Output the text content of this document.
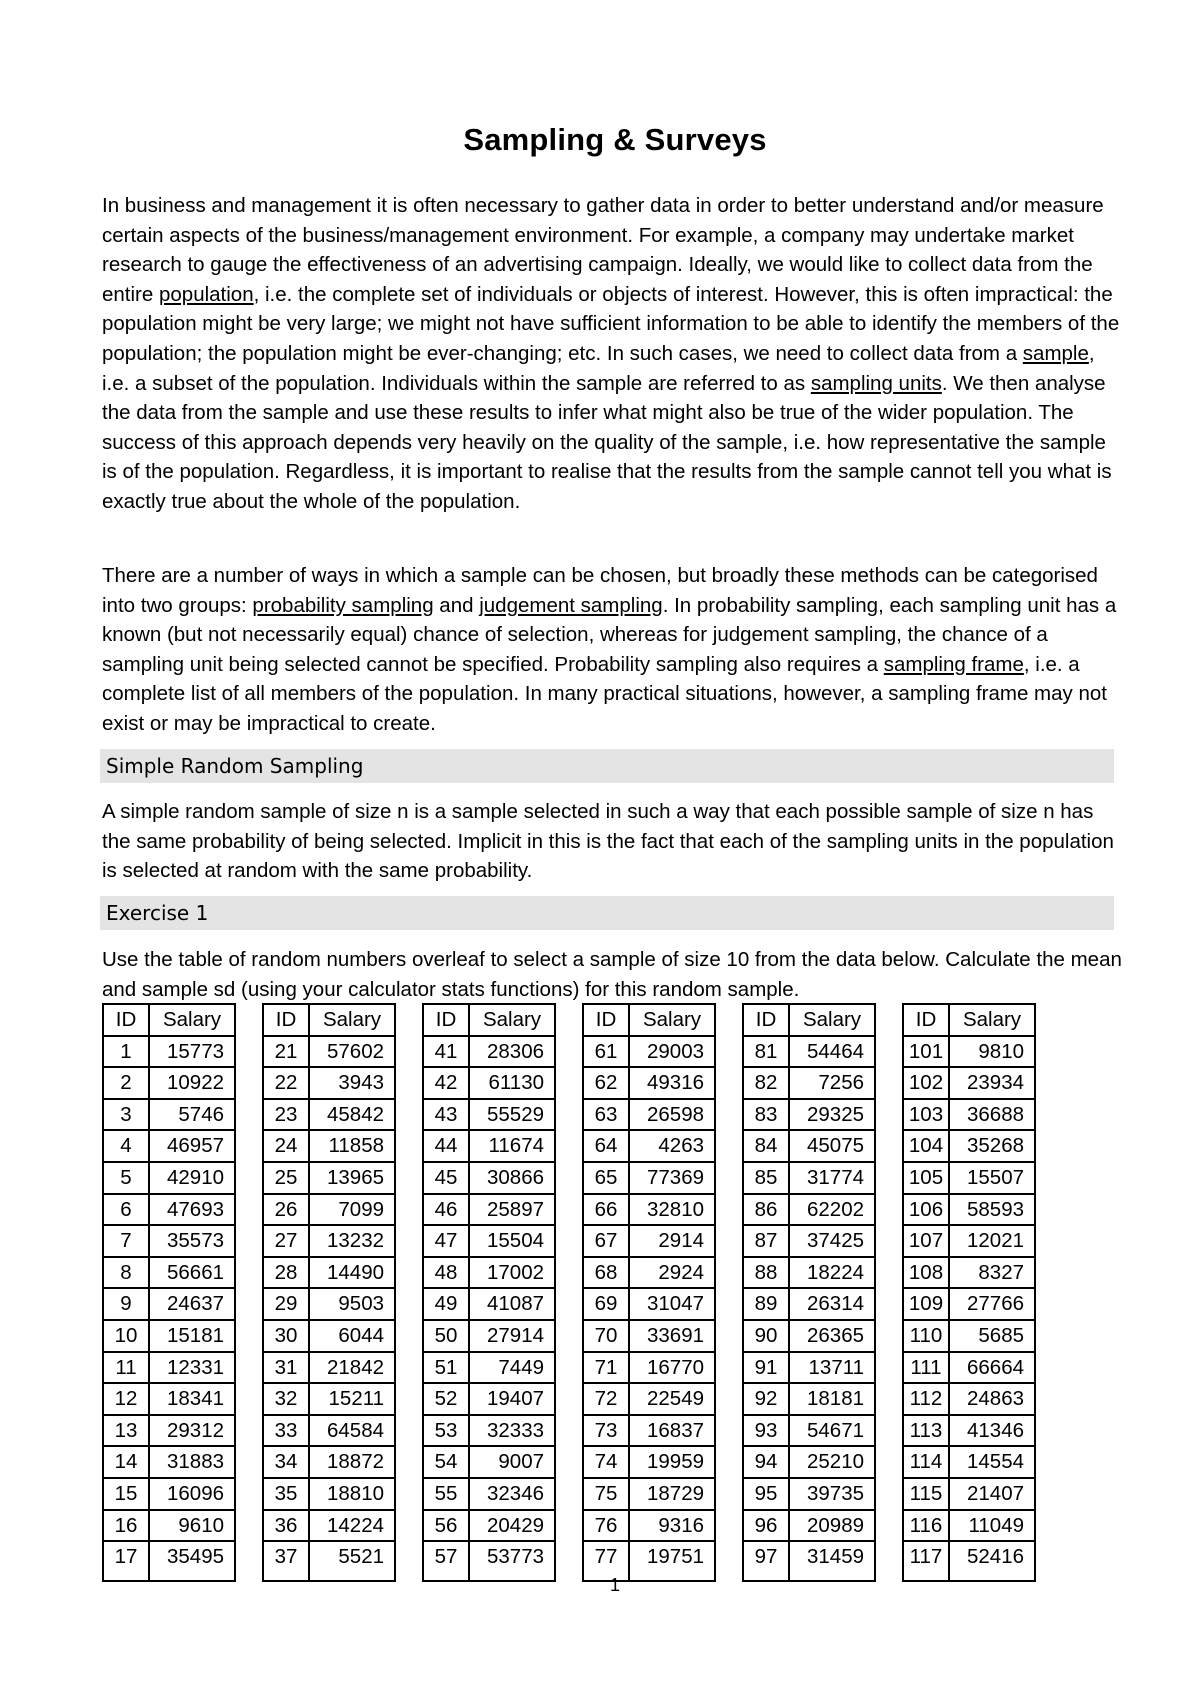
Sampling & Surveys

In business and management it is often necessary to gather data in order to better understand and/or measure certain aspects of the business/management environment. For example, a company may undertake market research to gauge the effectiveness of an advertising campaign. Ideally, we would like to collect data from the entire population, i.e. the complete set of individuals or objects of interest. However, this is often impractical: the population might be very large; we might not have sufficient information to be able to identify the members of the population; the population might be ever-changing; etc. In such cases, we need to collect data from a sample, i.e. a subset of the population. Individuals within the sample are referred to as sampling units. We then analyse the data from the sample and use these results to infer what might also be true of the wider population. The success of this approach depends very heavily on the quality of the sample, i.e. how representative the sample is of the population. Regardless, it is important to realise that the results from the sample cannot tell you what is exactly true about the whole of the population.

There are a number of ways in which a sample can be chosen, but broadly these methods can be categorised into two groups: probability sampling and judgement sampling. In probability sampling, each sampling unit has a known (but not necessarily equal) chance of selection, whereas for judgement sampling, the chance of a sampling unit being selected cannot be specified. Probability sampling also requires a sampling frame, i.e. a complete list of all members of the population. In many practical situations, however, a sampling frame may not exist or may be impractical to create.

Simple Random Sampling

A simple random sample of size n is a sample selected in such a way that each possible sample of size n has the same probability of being selected. Implicit in this is the fact that each of the sampling units in the population is selected at random with the same probability.

Exercise 1

Use the table of random numbers overleaf to select a sample of size 10 from the data below. Calculate the mean and sample sd (using your calculator stats functions) for this random sample.

ID	Salary
1	15773
2	10922
3	5746
4	46957
5	42910
6	47693
7	35573
8	56661
9	24637
10	15181
11	12331
12	18341
13	29312
14	31883
15	16096
16	9610
17	35495
ID	Salary
21	57602
22	3943
23	45842
24	11858
25	13965
26	7099
27	13232
28	14490
29	9503
30	6044
31	21842
32	15211
33	64584
34	18872
35	18810
36	14224
37	5521
ID	Salary
41	28306
42	61130
43	55529
44	11674
45	30866
46	25897
47	15504
48	17002
49	41087
50	27914
51	7449
52	19407
53	32333
54	9007
55	32346
56	20429
57	53773
ID	Salary
61	29003
62	49316
63	26598
64	4263
65	77369
66	32810
67	2914
68	2924
69	31047
70	33691
71	16770
72	22549
73	16837
74	19959
75	18729
76	9316
77	19751
ID	Salary
81	54464
82	7256
83	29325
84	45075
85	31774
86	62202
87	37425
88	18224
89	26314
90	26365
91	13711
92	18181
93	54671
94	25210
95	39735
96	20989
97	31459
ID	Salary
101	9810
102	23934
103	36688
104	35268
105	15507
106	58593
107	12021
108	8327
109	27766
110	5685
111	66664
112	24863
113	41346
114	14554
115	21407
116	11049
117	52416
1
